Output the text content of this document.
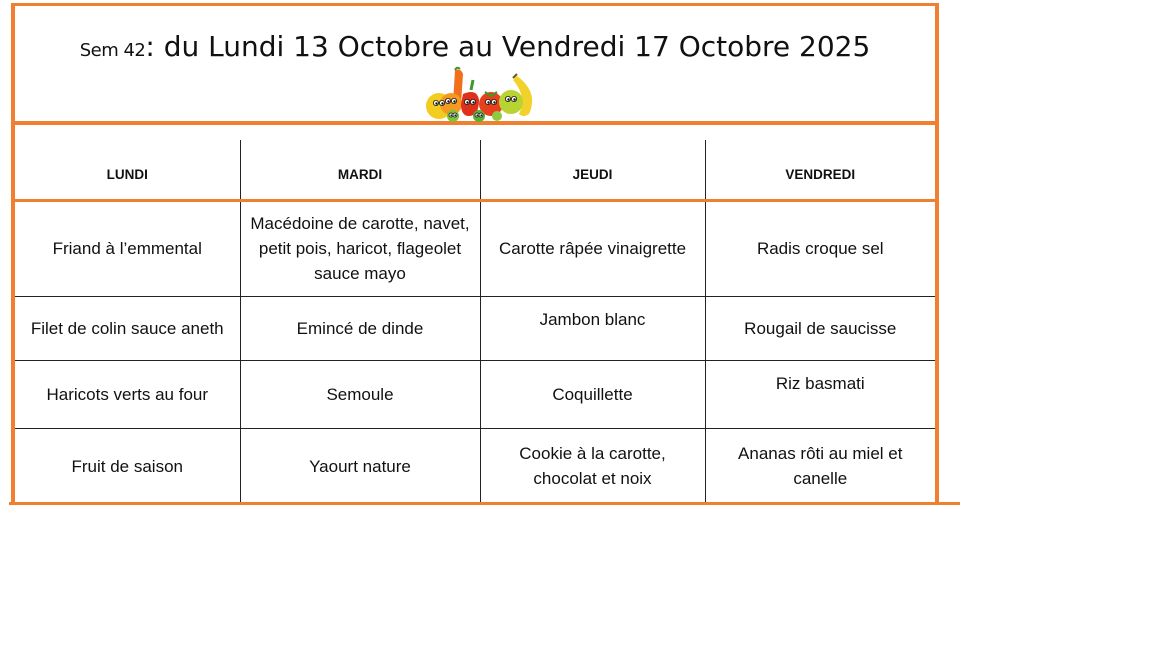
Sem 42: du Lundi 13 Octobre au Vendredi 17 Octobre 2025
LUNDI	MARDI	JEUDI	VENDREDI
Friand à l’emmental	Macédoine de carotte, navet, petit pois, haricot, flageolet sauce mayo	Carotte râpée vinaigrette	Radis croque sel
Filet de colin sauce aneth	Emincé de dinde	Jambon blanc	Rougail de saucisse
Haricots verts au four	Semoule	Coquillette	Riz basmati
Fruit de saison	Yaourt nature	Cookie à la carotte, chocolat et noix	Ananas rôti au miel et canelle
